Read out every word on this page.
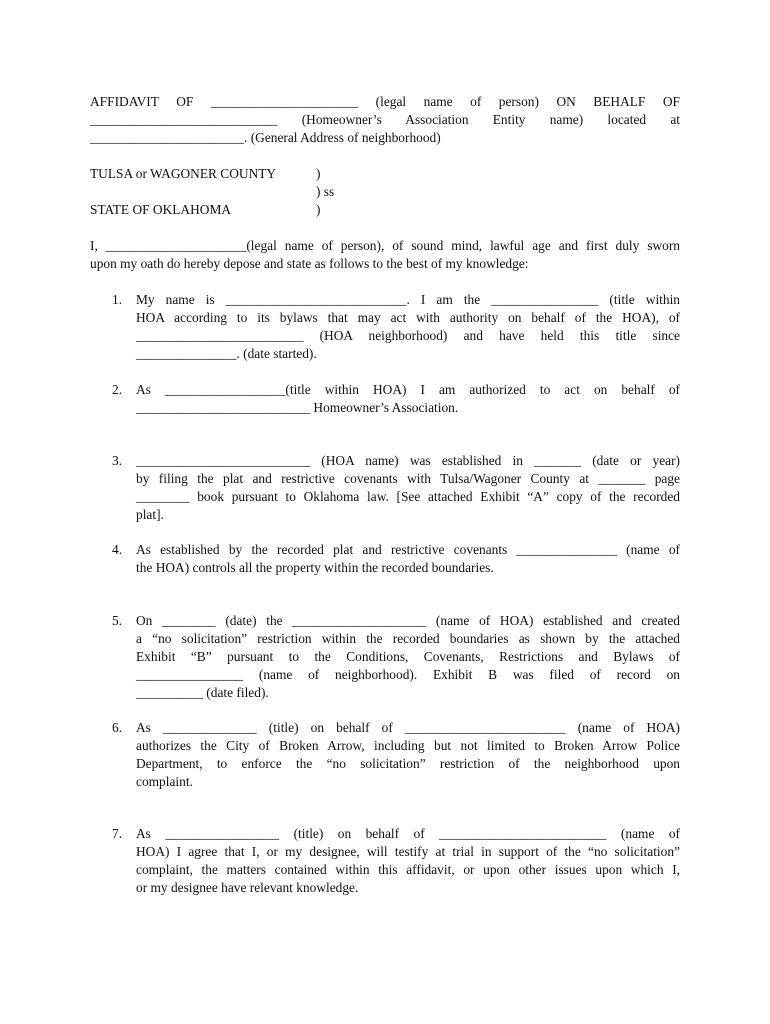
AFFIDAVIT OF ______________________ (legal name of person) ON BEHALF OF
____________________________ (Homeowner’s Association Entity name) located at
_______________________. (General Address of neighborhood)
TULSA or WAGONER COUNTY	)
) ss
STATE OF OKLAHOMA	)
I, _____________________(legal name of person), of sound mind, lawful age and first duly sworn
upon my oath do hereby depose and state as follows to the best of my knowledge:
1. My name is ___________________________. I am the ________________ (title within
HOA according to its bylaws that may act with authority on behalf of the HOA), of
_________________________ (HOA neighborhood) and have held this title since
_______________. (date started).
2. As __________________(title within HOA) I am authorized to act on behalf of
__________________________ Homeowner’s Association.
3. __________________________ (HOA name) was established in _______ (date or year)
by filing the plat and restrictive covenants with Tulsa/Wagoner County at _______ page
________ book pursuant to Oklahoma law. [See attached Exhibit “A” copy of the recorded
plat].
4. As established by the recorded plat and restrictive covenants _______________ (name of
the HOA) controls all the property within the recorded boundaries.
5. On ________ (date) the ____________________ (name of HOA) established and created
a “no solicitation” restriction within the recorded boundaries as shown by the attached
Exhibit “B” pursuant to the Conditions, Covenants, Restrictions and Bylaws of
________________ (name of neighborhood). Exhibit B was filed of record on
__________ (date filed).
6. As ______________ (title) on behalf of ________________________ (name of HOA)
authorizes the City of Broken Arrow, including but not limited to Broken Arrow Police
Department, to enforce the “no solicitation” restriction of the neighborhood upon
complaint.
7. As _________________ (title) on behalf of _________________________ (name of
HOA) I agree that I, or my designee, will testify at trial in support of the “no solicitation”
complaint, the matters contained within this affidavit, or upon other issues upon which I,
or my designee have relevant knowledge.
